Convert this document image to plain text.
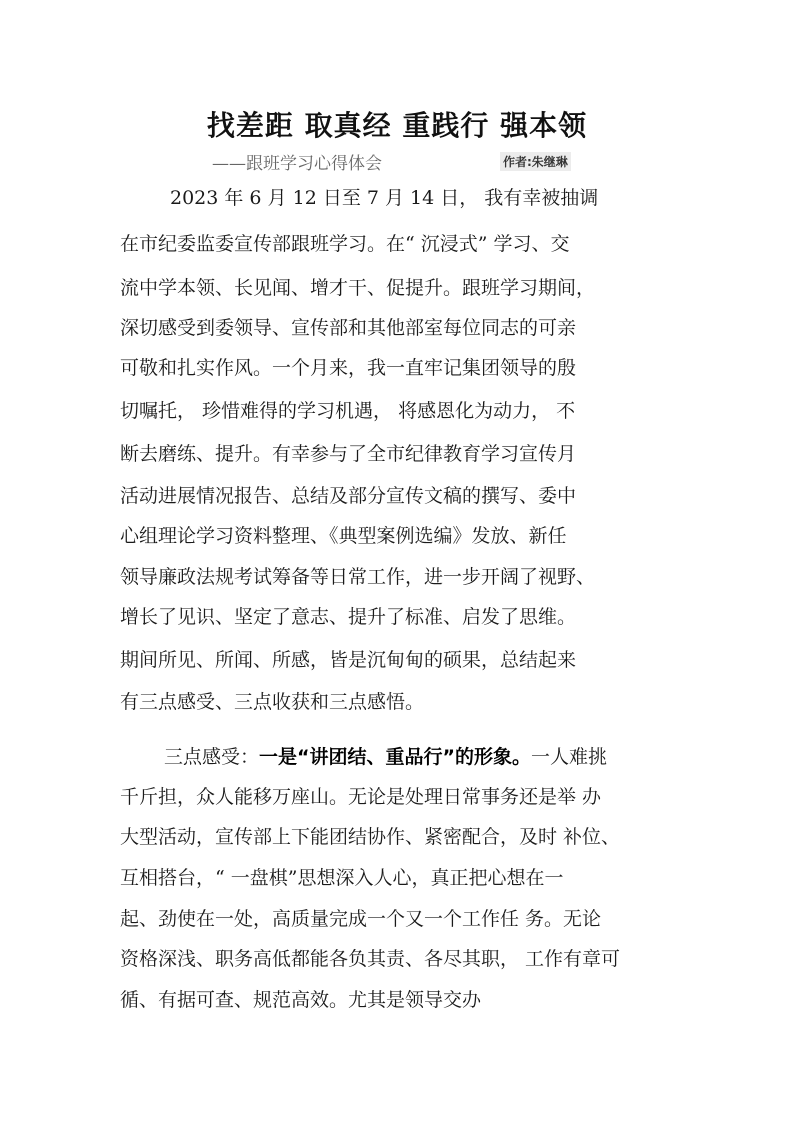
找差距 取真经 重践行 强本领
——跟班学习心得体会	作者:朱继琳
2023 年 6 月 12 日至 7 月 14 日， 我有幸被抽调
在市纪委监委宣传部跟班学习。在“ 沉浸式” 学习、交
流中学本领、长见闻、增才干、促提升。跟班学习期间，
深切感受到委领导、宣传部和其他部室每位同志的可亲
可敬和扎实作风。一个月来，我一直牢记集团领导的殷
切嘱托， 珍惜难得的学习机遇， 将感恩化为动力， 不
断去磨练、提升。有幸参与了全市纪律教育学习宣传月
活动进展情况报告、总结及部分宣传文稿的撰写、委中
心组理论学习资料整理、《典型案例选编》发放、新任
领导廉政法规考试筹备等日常工作，进一步开阔了视野、
增长了见识、坚定了意志、提升了标准、启发了思维。
期间所见、所闻、所感，皆是沉甸甸的硕果，总结起来
有三点感受、三点收获和三点感悟。
三点感受：一是“讲团结、重品行”的形象。一人难挑
千斤担，众人能移万座山。无论是处理日常事务还是举 办
大型活动，宣传部上下能团结协作、紧密配合，及时 补位、
互相搭台，“ 一盘棋”思想深入人心，真正把心想在一
起、劲使在一处，高质量完成一个又一个工作任 务。无论
资格深浅、职务高低都能各负其责、各尽其职， 工作有章可
循、有据可查、规范高效。尤其是领导交办
